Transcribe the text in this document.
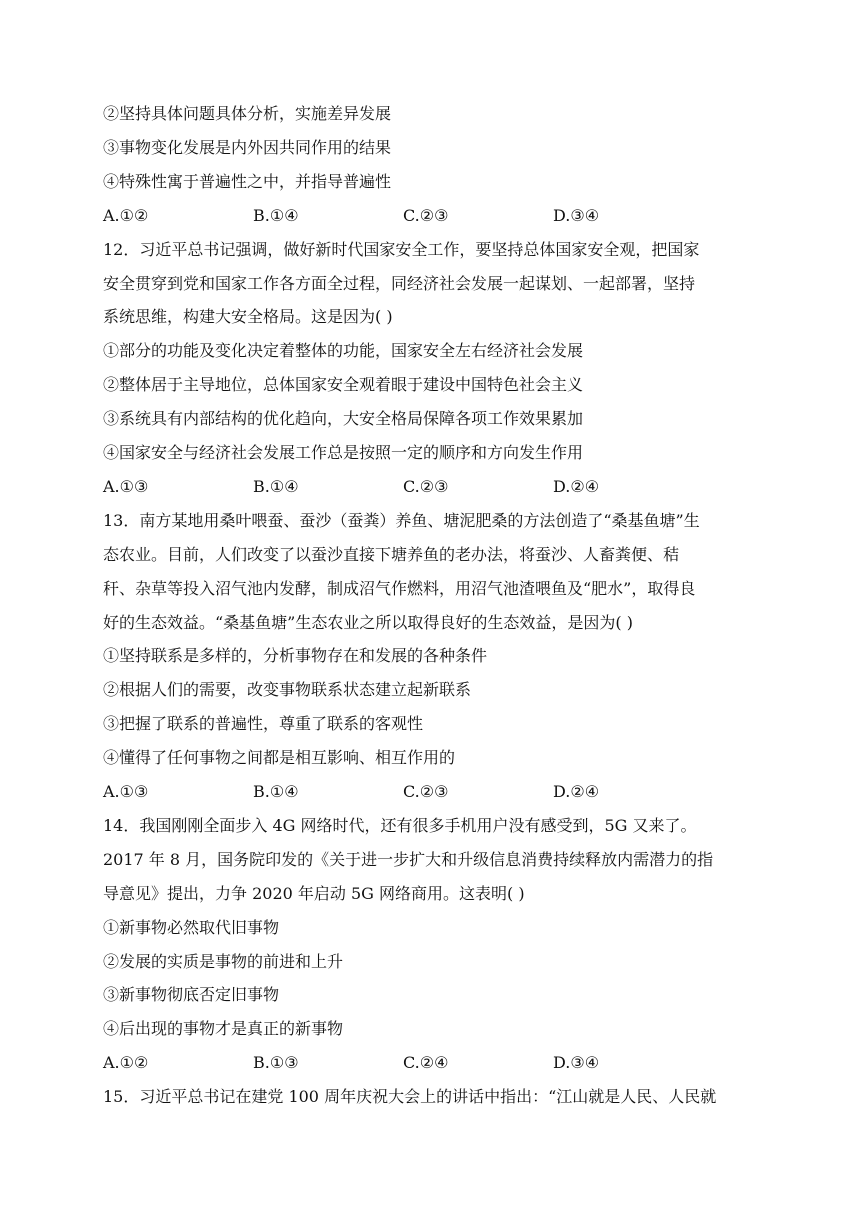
②坚持具体问题具体分析，实施差异发展
③事物变化发展是内外因共同作用的结果
④特殊性寓于普遍性之中，并指导普遍性
A.①②	B.①④	C.②③	D.③④
12．习近平总书记强调，做好新时代国家安全工作，要坚持总体国家安全观，把国家
安全贯穿到党和国家工作各方面全过程，同经济社会发展一起谋划、一起部署，坚持
系统思维，构建大安全格局。这是因为( )
①部分的功能及变化决定着整体的功能，国家安全左右经济社会发展
②整体居于主导地位，总体国家安全观着眼于建设中国特色社会主义
③系统具有内部结构的优化趋向，大安全格局保障各项工作效果累加
④国家安全与经济社会发展工作总是按照一定的顺序和方向发生作用
A.①③	B.①④	C.②③	D.②④
13．南方某地用桑叶喂蚕、蚕沙（蚕粪）养鱼、塘泥肥桑的方法创造了“桑基鱼塘”生
态农业。目前，人们改变了以蚕沙直接下塘养鱼的老办法，将蚕沙、人畜粪便、秸
秆、杂草等投入沼气池内发酵，制成沼气作燃料，用沼气池渣喂鱼及“肥水”，取得良
好的生态效益。“桑基鱼塘”生态农业之所以取得良好的生态效益，是因为( )
①坚持联系是多样的，分析事物存在和发展的各种条件
②根据人们的需要，改变事物联系状态建立起新联系
③把握了联系的普遍性，尊重了联系的客观性
④懂得了任何事物之间都是相互影响、相互作用的
A.①③	B.①④	C.②③	D.②④
14．我国刚刚全面步入 4G 网络时代，还有很多手机用户没有感受到，5G 又来了。
2017 年 8 月，国务院印发的《关于进一步扩大和升级信息消费持续释放内需潜力的指
导意见》提出，力争 2020 年启动 5G 网络商用。这表明( )
①新事物必然取代旧事物
②发展的实质是事物的前进和上升
③新事物彻底否定旧事物
④后出现的事物才是真正的新事物
A.①②	B.①③	C.②④	D.③④
15．习近平总书记在建党 100 周年庆祝大会上的讲话中指出：“江山就是人民、人民就
